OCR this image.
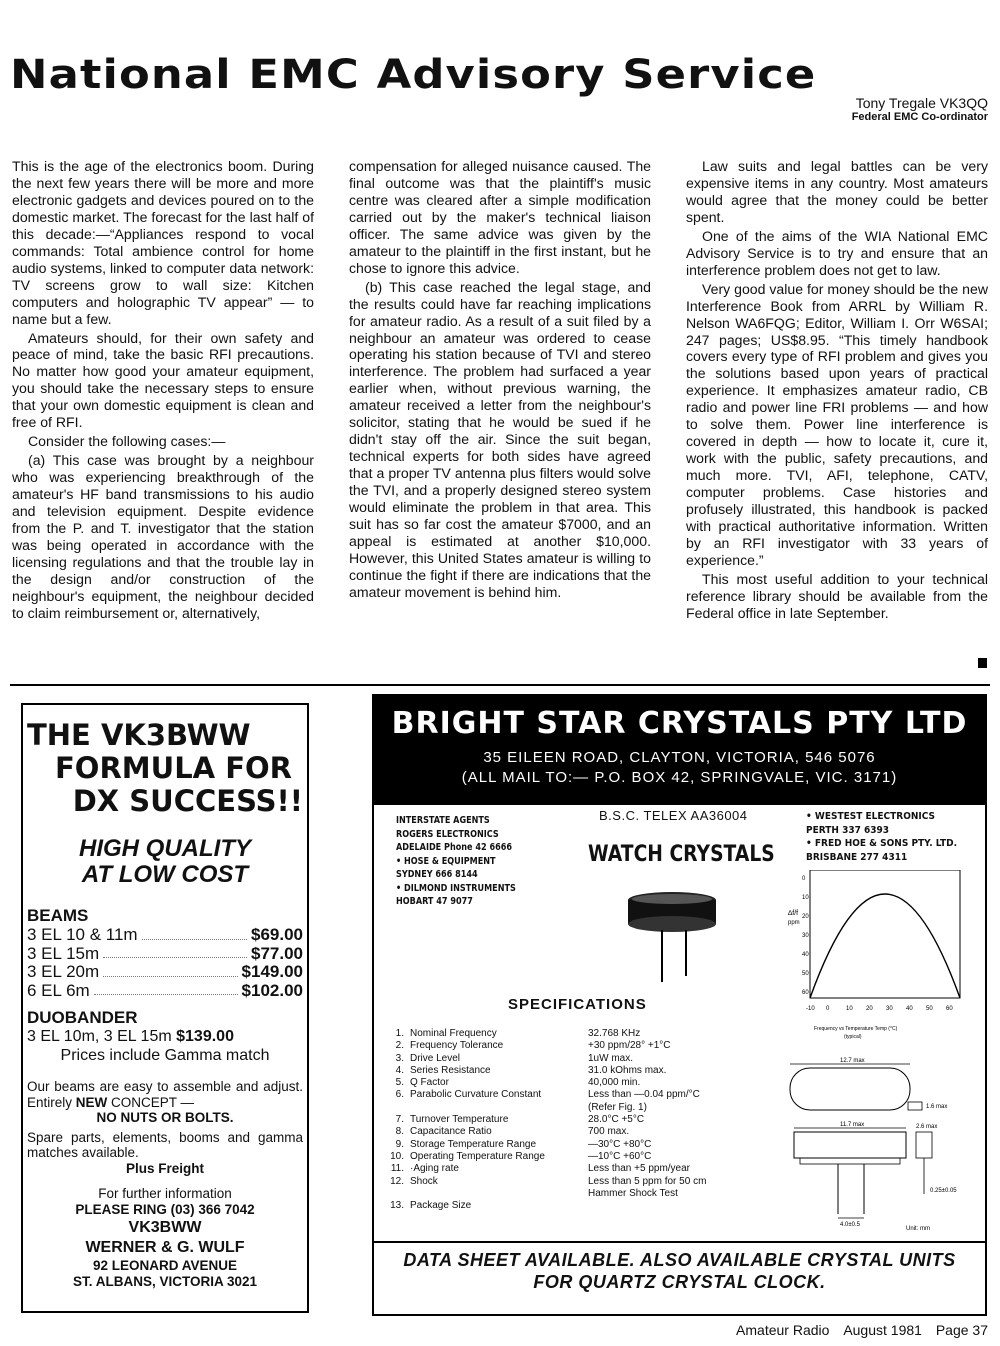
National EMC Advisory Service
Tony Tregale VK3QQ
Federal EMC Co-ordinator

This is the age of the electronics boom. During the next few years there will be more and more electronic gadgets and devices poured on to the domestic market. The forecast for the last half of this decade:—“Appliances respond to vocal commands: Total ambience control for home audio systems, linked to computer data network: TV screens grow to wall size: Kitchen computers and holographic TV appear” — to name but a few.

Amateurs should, for their own safety and peace of mind, take the basic RFI precautions. No matter how good your amateur equipment, you should take the necessary steps to ensure that your own domestic equipment is clean and free of RFI.

Consider the following cases:—

(a) This case was brought by a neighbour who was experiencing breakthrough of the amateur's HF band transmissions to his audio and television equipment. Despite evidence from the P. and T. investigator that the station was being operated in accordance with the licensing regulations and that the trouble lay in the design and/or construction of the neighbour's equipment, the neighbour decided to claim reimbursement or, alternatively,

compensation for alleged nuisance caused. The final outcome was that the plaintiff's music centre was cleared after a simple modification carried out by the maker's technical liaison officer. The same advice was given by the amateur to the plaintiff in the first instant, but he chose to ignore this advice.

(b) This case reached the legal stage, and the results could have far reaching implications for amateur radio. As a result of a suit filed by a neighbour an amateur was ordered to cease operating his station because of TVI and stereo interference. The problem had surfaced a year earlier when, without previous warning, the amateur received a letter from the neighbour's solicitor, stating that he would be sued if he didn't stay off the air. Since the suit began, technical experts for both sides have agreed that a proper TV antenna plus filters would solve the TVI, and a properly designed stereo system would eliminate the problem in that area. This suit has so far cost the amateur $7000, and an appeal is estimated at another $10,000. However, this United States amateur is willing to continue the fight if there are indications that the amateur movement is behind him.

Law suits and legal battles can be very expensive items in any country. Most amateurs would agree that the money could be better spent.

One of the aims of the WIA National EMC Advisory Service is to try and ensure that an interference problem does not get to law.

Very good value for money should be the new Interference Book from ARRL by William R. Nelson WA6FQG; Editor, William I. Orr W6SAI; 247 pages; US$8.95. “This timely handbook covers every type of RFI problem and gives you the solutions based upon years of practical experience. It emphasizes amateur radio, CB radio and power line FRI problems — and how to solve them. Power line interference is covered in depth — how to locate it, cure it, work with the public, safety precautions, and much more. TVI, AFI, telephone, CATV, computer problems. Case histories and profusely illustrated, this handbook is packed with practical authoritative information. Written by an RFI investigator with 33 years of experience.”

This most useful addition to your technical reference library should be available from the Federal office in late September.

THE VK3BWW
FORMULA FOR
DX SUCCESS!!
HIGH QUALITY
AT LOW COST
BEAMS
3 EL 10 & 11m	$69.00
3 EL 15m	$77.00
3 EL 20m	$149.00
6 EL 6m	$102.00
DUOBANDER
3 EL 10m, 3 EL 15m $139.00
Prices include Gamma match
Our beams are easy to assemble and adjust. Entirely NEW CONCEPT —

NO NUTS OR BOLTS.
Spare parts, elements, booms and gamma matches available.

Plus Freight
For further information
PLEASE RING (03) 366 7042
VK3BWW
WERNER & G. WULF
92 LEONARD AVENUE
ST. ALBANS, VICTORIA 3021
BRIGHT STAR CRYSTALS PTY LTD
35 EILEEN ROAD, CLAYTON, VICTORIA, 546 5076
(ALL MAIL TO:— P.O. BOX 42, SPRINGVALE, VIC. 3171)
INTERSTATE AGENTS
ROGERS ELECTRONICS
ADELAIDE Phone 42 6666
• HOSE & EQUIPMENT
SYDNEY 666 8144
• DILMOND INSTRUMENTS
HOBART 47 9077
B.S.C. TELEX AA36004
WATCH CRYSTALS
• WESTEST ELECTRONICS
PERTH 337 6393
• FRED HOE & SONS PTY. LTD.
BRISBANE 277 4311
∆f/f
ppm
0
10
20
30
40
50
60
-10 0	10 20 30 40 50 60
Frequency vs Temperature Temp (°C)
(typical)
12.7 max
1.6 max
11.7 max
4.0±0.5
2.6 max
0.25±0.05
Unit: mm
SPECIFICATIONS
1. Nominal Frequency	32.768 KHz
2. Frequency Tolerance	+30 ppm/28° +1°C
3. Drive Level	1uW max.
4. Series Resistance	31.0 kOhms max.
5. Q Factor	40,000 min.
6. Parabolic Curvature Constant	Less than —0.04 ppm/°C
(Refer Fig. 1)
7. Turnover Temperature	28.0°C +5°C
8. Capacitance Ratio	700 max.
9. Storage Temperature Range	—30°C +80°C
10. Operating Temperature Range	—10°C +60°C
11. ·Aging rate	Less than +5 ppm/year
12. Shock	Less than 5 ppm for 50 cm
Hammer Shock Test
13. Package Size
DATA SHEET AVAILABLE. ALSO AVAILABLE CRYSTAL UNITS
FOR QUARTZ CRYSTAL CLOCK.
Amateur Radio August 1981 Page 37
